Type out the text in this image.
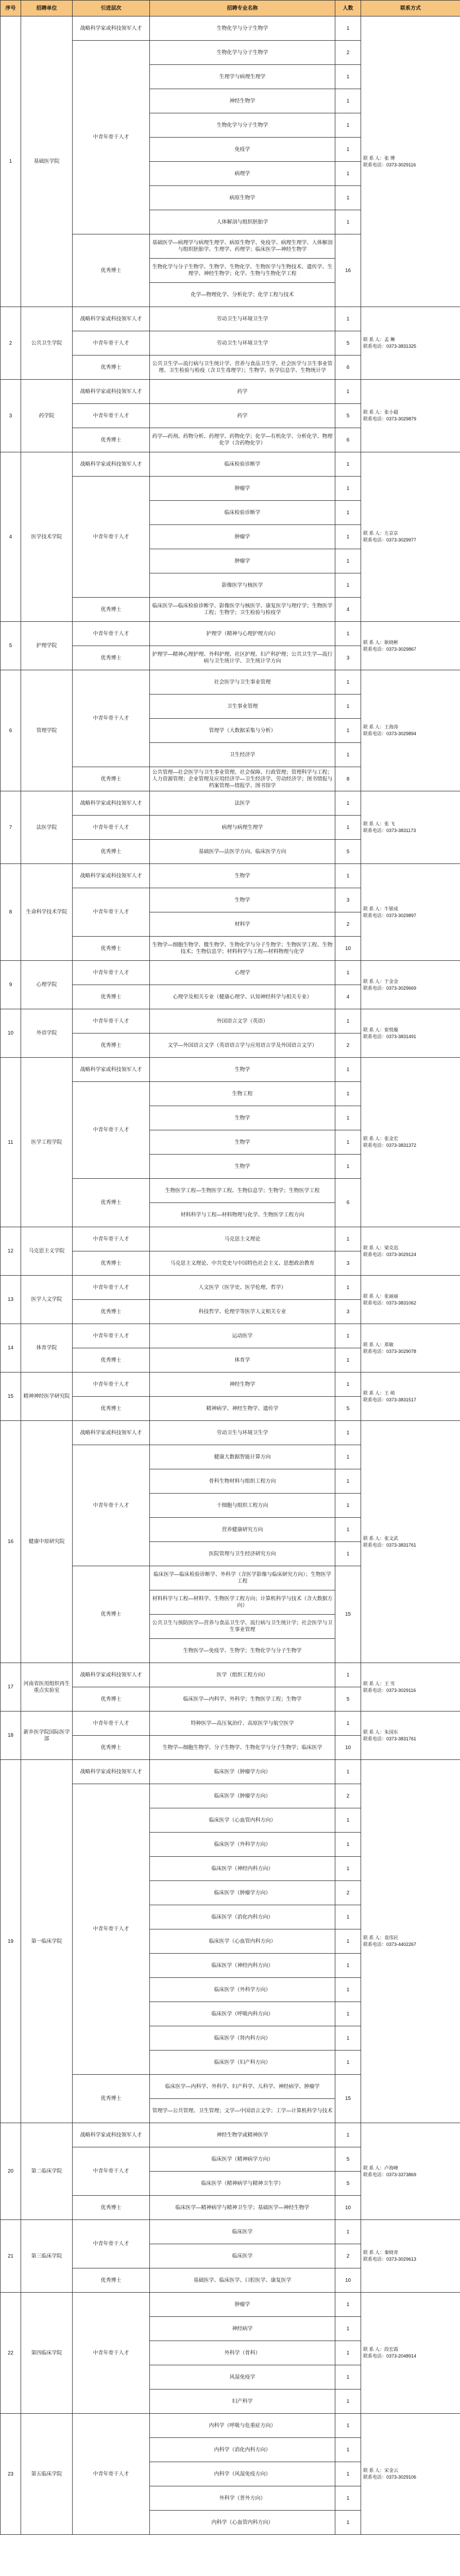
序号	招聘单位	引进层次	招聘专业名称	人数	联系方式
1	基础医学院	战略科学家或科技领军人才	生物化学与分子生物学	1	联 系 人：张 博
联系电话：0373-3029116
		中青年骨干人才	生物化学与分子生物学	2	
			生理学与病理生理学	1	
			神经生物学	1	
			生物化学与分子生物学	1	
			免疫学	1	
			病理学	1	
			病原生物学	1	
			人体解剖与组织胚胎学	1	
		优秀博士	基础医学—病理学与病理生理学、病原生物学、免疫学、病理生理学、人体解剖与组织胚胎学、生理学、药理学；临床医学—神经生物学	16	
			生物化学与分子生物学、生物学、生物化学、生物医学与生物技术、遗传学、生理学、神经生物学；化学、生物与生物化学工程		
			化学—物理化学、分析化学；化学工程与技术		
2	公共卫生学院	战略科学家或科技领军人才	劳动卫生与环境卫生学	1	联 系 人：孟 琳
联系电话：0373-3831325
		中青年骨干人才	劳动卫生与环境卫生学	5	
		优秀博士	公共卫生学—流行病与卫生统计学、营养与食品卫生学、社会医学与卫生事业管理、卫生检验与检疫（含卫生毒理学）；生物学、医学信息学、生物统计学	6	
3	药学院	战略科学家或科技领军人才	药学	1	联 系 人：张小超
联系电话：0373-3029879
		中青年骨干人才	药学	5	
		优秀博士	药学—药剂、药物分析、药理学、药物化学；化学—有机化学、分析化学、物理化学（含药物化学）	6	
4	医学技术学院	战略科学家或科技领军人才	临床检验诊断学	1	联 系 人：左京京
联系电话：0373-3029977
		中青年骨干人才	肿瘤学	1	
			临床检验诊断学	1	
			肿瘤学	1	
			肿瘤学	1	
			影像医学与核医学	1	
		优秀博士	临床医学—临床检验诊断学、影像医学与核医学、康复医学与理疗学；生物医学工程；生物学；卫生检验与检疫学	4	
5	护理学院	中青年骨干人才	护理学（精神与心理护理方向）	1	联 系 人：耿晓彬
联系电话：0373-3029867
		优秀博士	护理学—精神心理护理、外科护理、社区护理、妇产科护理；公共卫生学—流行病与卫生统计学、卫生统计学方向	3	
6	管理学院	中青年骨干人才	社会医学与卫生事业管理	1	联 系 人：王海涛
联系电话：0373-3029894
			卫生事业管理	1	
			管理学（大数据采集与分析）	1	
			卫生经济学	1	
		优秀博士	公共管理—社会医学与卫生事业管理、社会保障、行政管理；管理科学与工程；人力资源管理；企业管理及应用经济学—卫生经济学、劳动经济学；图书情报与档案管理—情报学、图书馆学	8	
7	法医学院	战略科学家或科技领军人才	法医学	1	联 系 人：张 飞
联系电话：0373-3831173
		中青年骨干人才	病理与病理生理学	1	
		优秀博士	基础医学—法医学方向、临床医学方向	5	
8	生命科学技术学院	战略科学家或科技领军人才	生物学	1	联 系 人：牛银成
联系电话：0373-3029897
		中青年骨干人才	生物学	3	
			材料学	2	
		优秀博士	生物学—细胞生物学、微生物学、生物化学与分子生物学；生物医学工程、生物技术；生物信息学；材料科学与工程—材料物理与化学	10	
9	心理学院	中青年骨干人才	心理学	1	联 系 人：于金金
联系电话：0373-3029669
		优秀博士	心理学及相关专业（健康心理学、认知神经科学与相关专业）	4	
10	外语学院	中青年骨干人才	外国语言文学（英语）	1	联 系 人：崔悦璇
联系电话：0373-3831491
		优秀博士	文学—外国语言文学（英语语言学与应用语言学及外国语言文学）	2	
11	医学工程学院	战略科学家或科技领军人才	生物学	1	联 系 人：张金宏
联系电话：0373-3831372
		中青年骨干人才	生物工程	1	
			生物学	1	
			生物学	1	
			生物学	1	
		优秀博士	生物医学工程—生物医学工程、生物信息学；生物学；生物医学工程	6	
			材料科学与工程—材料物理与化学、生物医学工程方向		
12	马克思主义学院	中青年骨干人才	马克思主义理论	1	联 系 人：梁克迅
联系电话：0373-3029124
		优秀博士	马克思主义理论、中共党史与中国特色社会主义、思想政治教育	3	
13	医学人文学院	中青年骨干人才	人文医学（医学史、医学伦理、哲学）	1	联 系 人：张丽丽
联系电话：0373-3831062
		优秀博士	科技哲学、伦理学等医学人文相关专业	3	
14	体育学院	中青年骨干人才	运动医学	1	联 系 人：郑敏
联系电话：0373-3029078
		优秀博士	体育学	1	
15	精神神经医学研究院	中青年骨干人才	神经生物学	1	联 系 人：王 萌
联系电话：0373-3831517
		优秀博士	精神病学、神经生物学、遗传学	5	
16	健康中原研究院	战略科学家或科技领军人才	劳动卫生与环境卫生学	1	联 系 人：张文武
联系电话：0373-3831761
		中青年骨干人才	健康大数据智能计算方向	1	
			骨科生物材料与组织工程方向	1	
			干细胞与组织工程方向	1	
			营养健康研究方向	1	
			医院管理与卫生经济研究方向	1	
		优秀博士	临床医学—临床检验诊断学、外科学（含医学影像与临床研究方向）；生物医学工程	15	
			材料科学与工程—材料学、生物医学工程方向；计算机科学与技术（含大数据方向）		
			公共卫生与预防医学—营养与食品卫生学、流行病与卫生统计学；社会医学与卫生事业管理		
			生物医学—免疫学、生物学；生物化学与分子生物学		
17	河南省医用组织再生重点实验室	战略科学家或科技领军人才	医学（组织工程方向）	1	联 系 人：王 雪
联系电话：0373-3029116
		优秀博士	临床医学—内科学、外科学；生物医学工程；生物学	5	
18	新乡医学院国际医学部	中青年骨干人才	特种医学—高压氧治疗、高原医学与航空医学	1	联 系 人：朱国东
联系电话：0373-3831761
		优秀博士	生物学—细胞生物学、分子生物学、生物化学与分子生物学；临床医学	10	
19	第一临床学院	战略科学家或科技领军人才	临床医学（肿瘤学方向）	1	联 系 人：袁伟民
联系电话：0373-4402267
		中青年骨干人才	临床医学（肿瘤学方向）	2	
			临床医学（心血管内科方向）	1	
			临床医学（外科学方向）	1	
			临床医学（神经内科方向）	1	
			临床医学（肿瘤学方向）	2	
			临床医学（消化内科方向）	1	
			临床医学（心血管内科方向）	1	
			临床医学（神经内科方向）	1	
			临床医学（外科学方向）	1	
			临床医学（呼吸内科方向）	1	
			临床医学（肾内科方向）	1	
			临床医学（妇产科方向）	1	
		优秀博士	临床医学—内科学、外科学、妇产科学、儿科学、神经病学、肿瘤学	15	
			管理学—公共管理、卫生管理；文学—中国语言文学；工学—计算机科学与技术		
20	第二临床学院	战略科学家或科技领军人才	神经生物学或精神医学	1	联 系 人：卢海峰
联系电话：0373-3373869
		中青年骨干人才	临床医学（精神病学方向）	5	
			临床医学（精神病学与精神卫生学）	5	
		优秀博士	临床医学—精神病学与精神卫生学；基础医学—神经生物学	10	
21	第三临床学院	中青年骨干人才	临床医学	1	联 系 人：秦晓青
联系电话：0373-3029613
			临床医学	2	
		优秀博士	基础医学、临床医学、口腔医学、康复医学	10	
22	第四临床学院	中青年骨干人才	肿瘤学	1	联 系 人：段宏霞
联系电话：0373-2048914
			神经病学	1	
			外科学（骨科）	1	
			风湿免疫学	1	
			妇产科学	1	
23	第五临床学院	中青年骨干人才	内科学（呼吸与危重症方向）	1	联 系 人：宋金云
联系电话：0373-3029106
			内科学（消化内科方向）	1	
			内科学（风湿免疫方向）	1	
			外科学（普外方向）	1	
			内科学（心血管内科方向）	1	
